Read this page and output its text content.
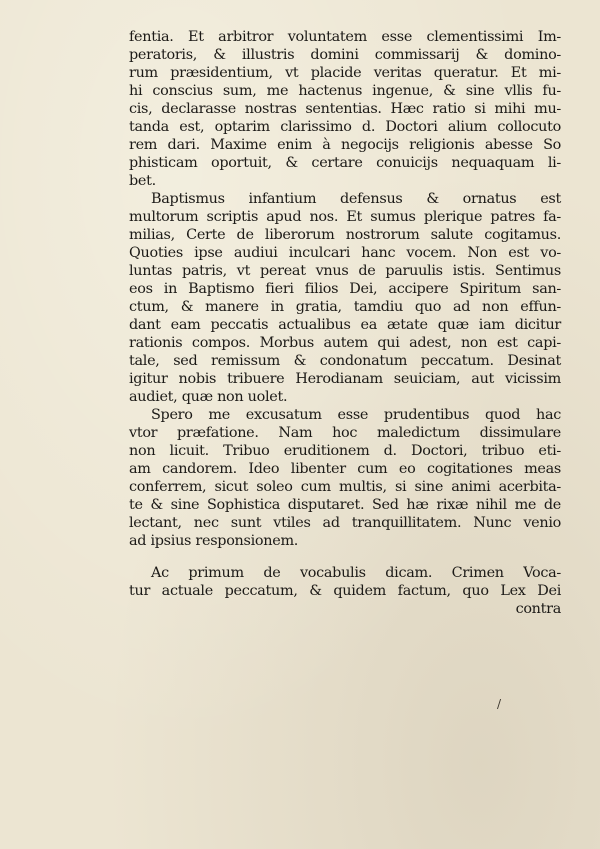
fentia. Et arbitror voluntatem esse clementissimi Im-
peratoris, & illustris domini commissarij & domino-
rum præsidentium, vt placide veritas queratur. Et mi-
hi conscius sum, me hactenus ingenue, & sine vllis fu-
cis, declarasse nostras sententias. Hæc ratio si mihi mu-
tanda est, optarim clarissimo d. Doctori alium collocuto
rem dari. Maxime enim à negocijs religionis abesse So
phisticam oportuit, & certare conuicijs nequaquam li-
bet.
Baptismus infantium defensus & ornatus est
multorum scriptis apud nos. Et sumus plerique patres fa-
milias, Certe de liberorum nostrorum salute cogitamus.
Quoties ipse audiui inculcari hanc vocem. Non est vo-
luntas patris, vt pereat vnus de paruulis istis. Sentimus
eos in Baptismo fieri filios Dei, accipere Spiritum san-
ctum, & manere in gratia, tamdiu quo ad non effun-
dant eam peccatis actualibus ea ætate quæ iam dicitur
rationis compos. Morbus autem qui adest, non est capi-
tale, sed remissum & condonatum peccatum. Desinat
igitur nobis tribuere Herodianam seuiciam, aut vicissim
audiet, quæ non uolet.
Spero me excusatum esse prudentibus quod hac
vtor præfatione. Nam hoc maledictum dissimulare
non licuit. Tribuo eruditionem d. Doctori, tribuo eti-
am candorem. Ideo libenter cum eo cogitationes meas
conferrem, sicut soleo cum multis, si sine animi acerbita-
te & sine Sophistica disputaret. Sed hæ rixæ nihil me de
lectant, nec sunt vtiles ad tranquillitatem. Nunc venio
ad ipsius responsionem.
Ac primum de vocabulis dicam. Crimen Voca-
tur actuale peccatum, & quidem factum, quo Lex Dei
contra
/
